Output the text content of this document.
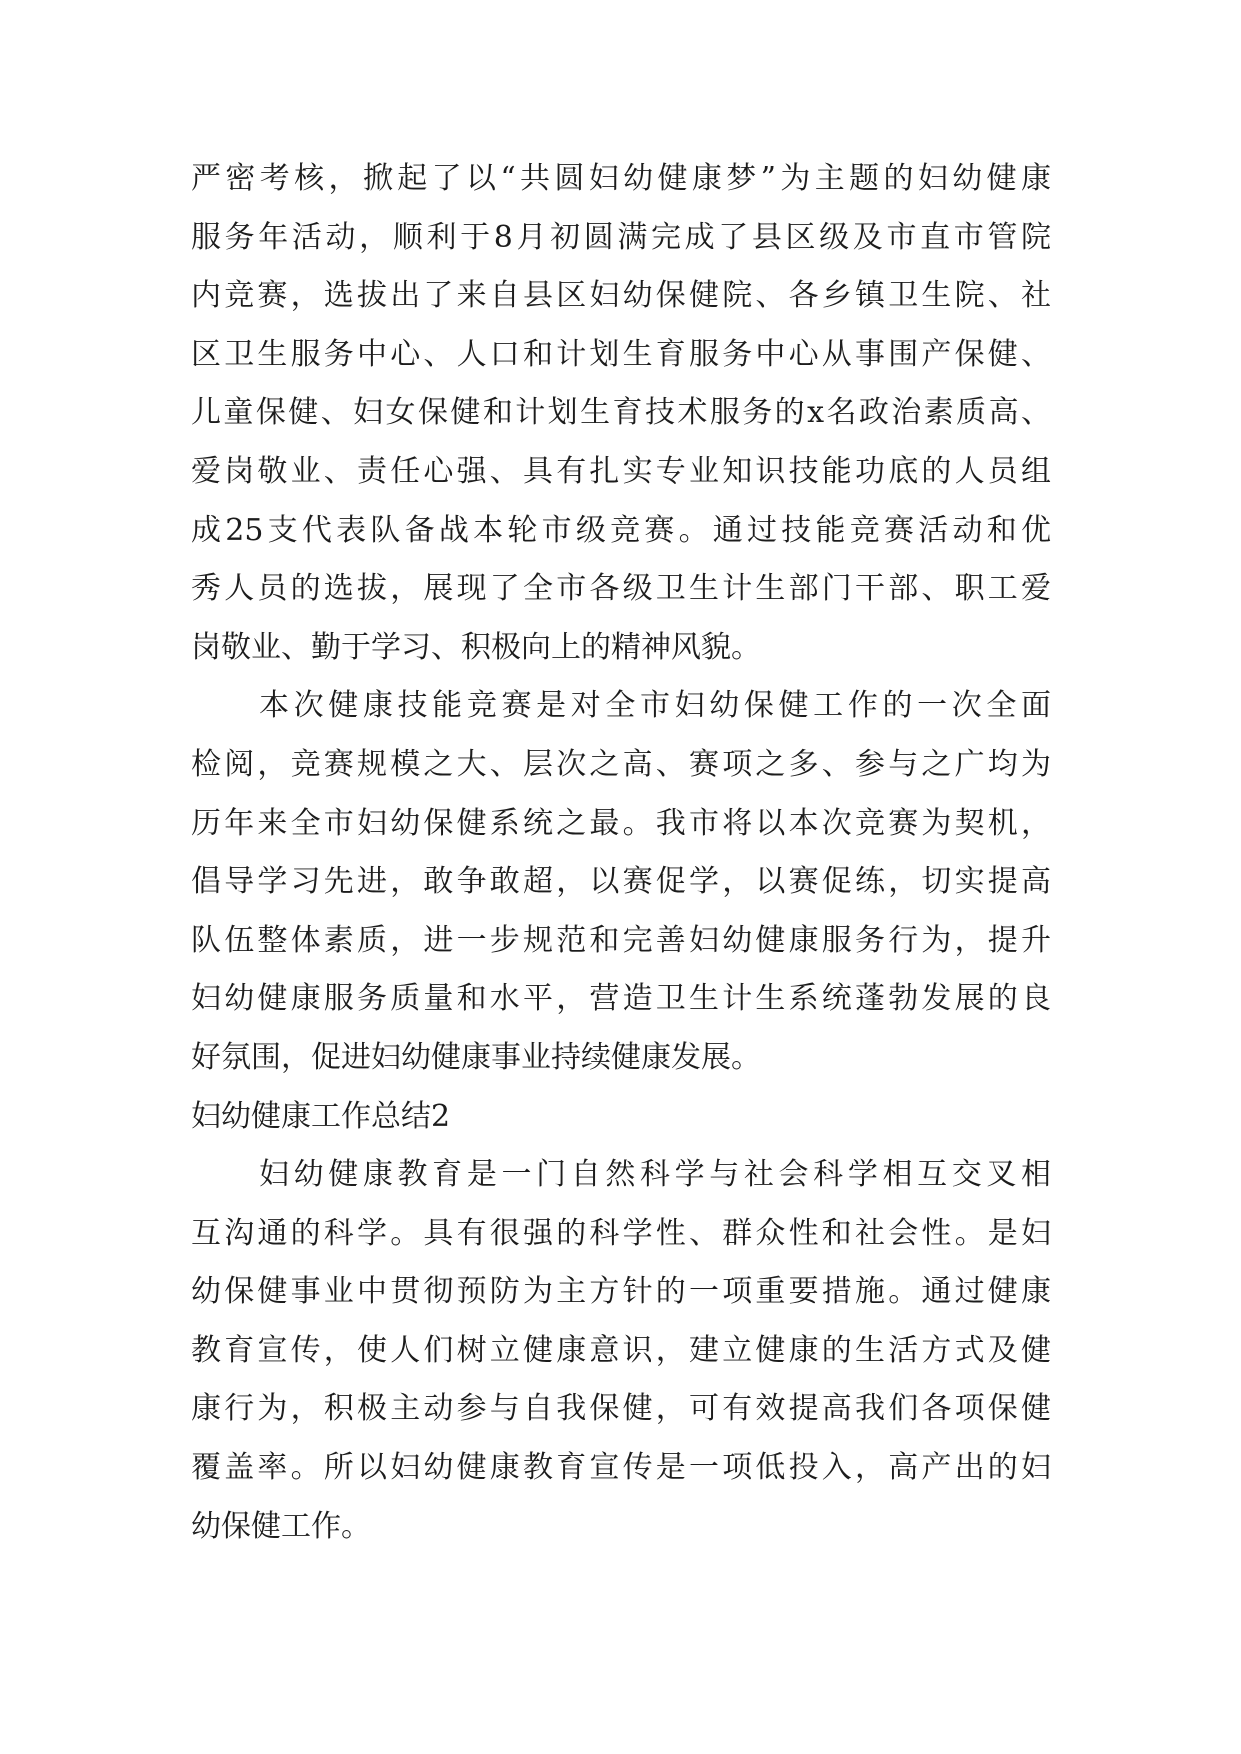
严密考核，掀起了以“共圆妇幼健康梦”为主题的妇幼健康
服务年活动，顺利于8月初圆满完成了县区级及市直市管院
内竞赛，选拔出了来自县区妇幼保健院、各乡镇卫生院、社
区卫生服务中心、人口和计划生育服务中心从事围产保健、
儿童保健、妇女保健和计划生育技术服务的x名政治素质高、
爱岗敬业、责任心强、具有扎实专业知识技能功底的人员组
成25支代表队备战本轮市级竞赛。通过技能竞赛活动和优
秀人员的选拔，展现了全市各级卫生计生部门干部、职工爱
岗敬业、勤于学习、积极向上的精神风貌。
本次健康技能竞赛是对全市妇幼保健工作的一次全面
检阅，竞赛规模之大、层次之高、赛项之多、参与之广均为
历年来全市妇幼保健系统之最。我市将以本次竞赛为契机，
倡导学习先进，敢争敢超，以赛促学，以赛促练，切实提高
队伍整体素质，进一步规范和完善妇幼健康服务行为，提升
妇幼健康服务质量和水平，营造卫生计生系统蓬勃发展的良
好氛围，促进妇幼健康事业持续健康发展。
妇幼健康工作总结2
妇幼健康教育是一门自然科学与社会科学相互交叉相
互沟通的科学。具有很强的科学性、群众性和社会性。是妇
幼保健事业中贯彻预防为主方针的一项重要措施。通过健康
教育宣传，使人们树立健康意识，建立健康的生活方式及健
康行为，积极主动参与自我保健，可有效提高我们各项保健
覆盖率。所以妇幼健康教育宣传是一项低投入，高产出的妇
幼保健工作。
